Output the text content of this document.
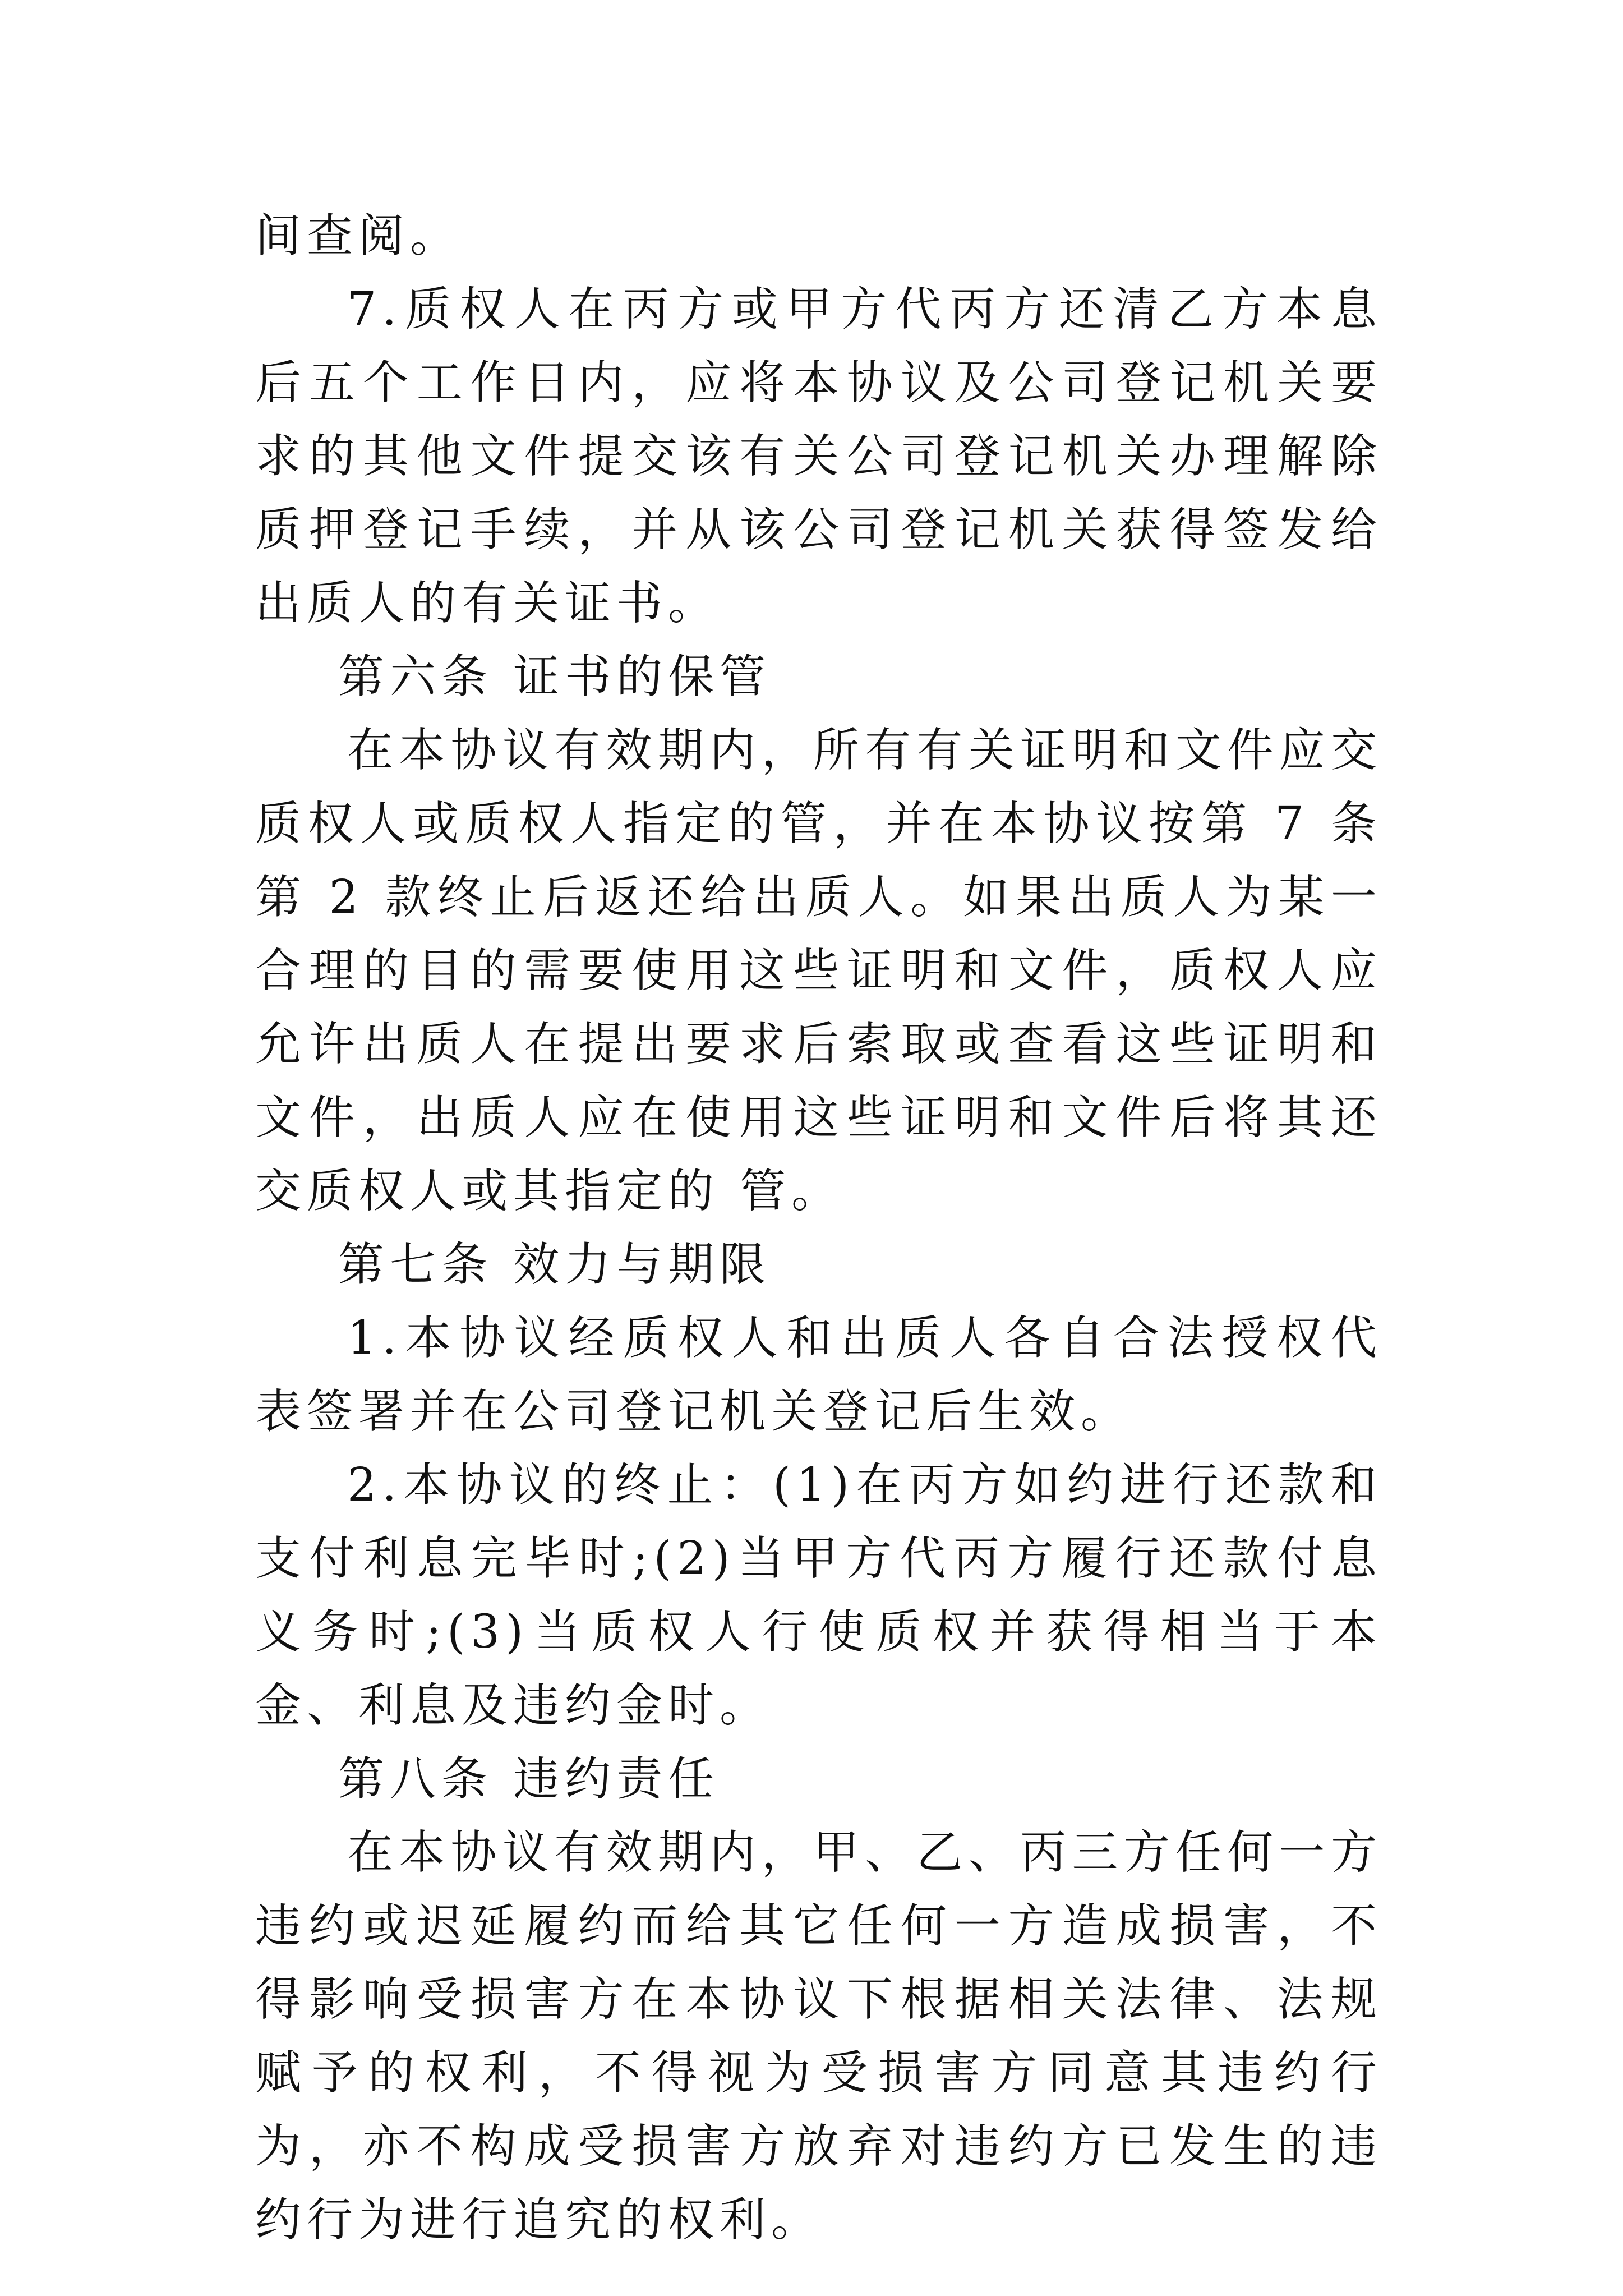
间查阅。

7.质权人在丙方或甲方代丙方还清乙方本息后五个工作日内，应将本协议及公司登记机关要求的其他文件提交该有关公司登记机关办理解除质押登记手续，并从该公司登记机关获得签发给出质人的有关证书。

第六条 证书的保管

在本协议有效期内，所有有关证明和文件应交质权人或质权人指定的管，并在本协议按第 7 条第 2 款终止后返还给出质人。如果出质人为某一合理的目的需要使用这些证明和文件，质权人应允许出质人在提出要求后索取或查看这些证明和文件，出质人应在使用这些证明和文件后将其还交质权人或其指定的 管。

第七条 效力与期限

1.本协议经质权人和出质人各自合法授权代表签署并在公司登记机关登记后生效。

2.本协议的终止：(1)在丙方如约进行还款和支付利息完毕时;(2)当甲方代丙方履行还款付息义务时;(3)当质权人行使质权并获得相当于本金、利息及违约金时。

第八条 违约责任

在本协议有效期内，甲、乙、丙三方任何一方违约或迟延履约而给其它任何一方造成损害，不得影响受损害方在本协议下根据相关法律、法规赋予的权利，不得视为受损害方同意其违约行为，亦不构成受损害方放弃对违约方已发生的违约行为进行追究的权利。
